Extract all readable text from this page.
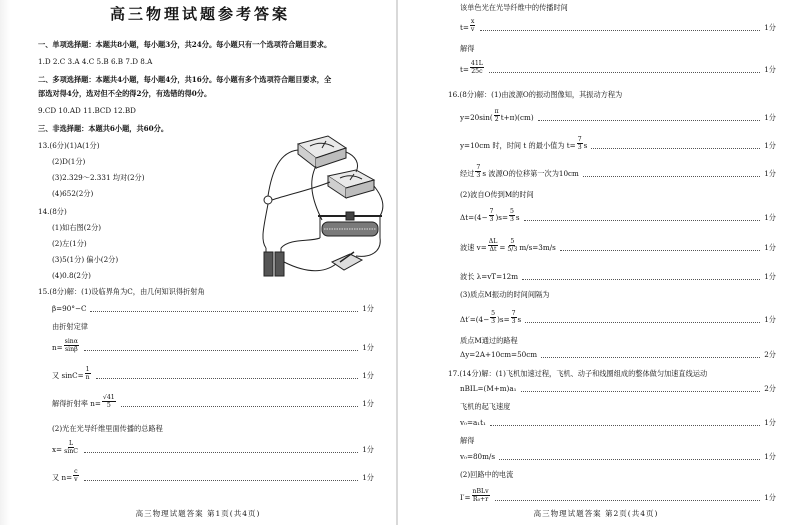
高三物理试题参考答案
一、单项选择题：本题共8小题，每小题3分，共24分。每小题只有一个选项符合题目要求。
1.D 2.C 3.A 4.C 5.B 6.B 7.D 8.A
二、多项选择题：本题共4小题，每小题4分，共16分。每小题有多个选项符合题目要求，全
部选对得4分，选对但不全的得2分，有选错的得0分。
9.CD 10.AD 11.BCD 12.BD
三、非选择题：本题共6小题，共60分。
13.(6分)(1)A(1分)
(2)D(1分)
(3)2.329～2.331 均对(2分)
(4)652(2分)
14.(8分)
(1)如右图(2分)
(2)左(1分)
(3)5(1分) 偏小(2分)
(4)0.8(2分)
15.(8分)解：(1)设临界角为C，由几何知识得折射角
β=90°−C	1分
由折射定律
$n= \frac{\sin\alpha}{\sin\beta}$	1分
又 $\sin C= \frac{1}{n}$	1分
解得折射率 $n= \frac{√41}{5}$	1分
(2)光在光导纤维里面传播的总路程
$x= \frac{L}{\sin C}$	1分
又 $n= \frac{c}{v}$	1分
高三物理试题答案 第1页(共4页)
该单色光在光导纤维中的传播时间
$t= \frac{x}{v}$	1分
解得
$t= \frac{41L}{25c}$	1分
16.(8分)解：(1)由波源O的振动图像知，其振动方程为
$y=20\sin( \frac{\pi}{2} t+\pi)(cm)$	1分
y=10cm 时，时间 t 的最小值为 $t= \frac{7}{3}$ s	1分
经过 $\frac{7}{3}$ s 波源O的位移第一次为10cm	1分
(2)波自O传到M的时间
$\Delta t=(4- \frac{7}{3} )s= \frac{5}{3}$ s	1分
波速 $v= \frac{\Delta L}{\Delta t} = \frac{5}{5/3} m/s=3m/s$	1分
波长 λ=vT=12m	1分
(3)质点M振动的时间间隔为
$\Delta t'=(4- \frac{5}{3} )s= \frac{7}{3}$ s	1分
质点M通过的路程
Δy=2A+10cm=50cm	2分
17.(14分)解：(1)飞机加速过程，飞机、动子和线圈组成的整体做匀加速直线运动
nBIL=(M+m)a₁	2分
飞机的起飞速度
v₀=a₁t₁	1分
解得
v₀=80m/s	1分
(2)回路中的电流
$I'= \frac{\text{nBLv}}{\text{R₀+r}}$	1分
高三物理试题答案 第2页(共4页)
